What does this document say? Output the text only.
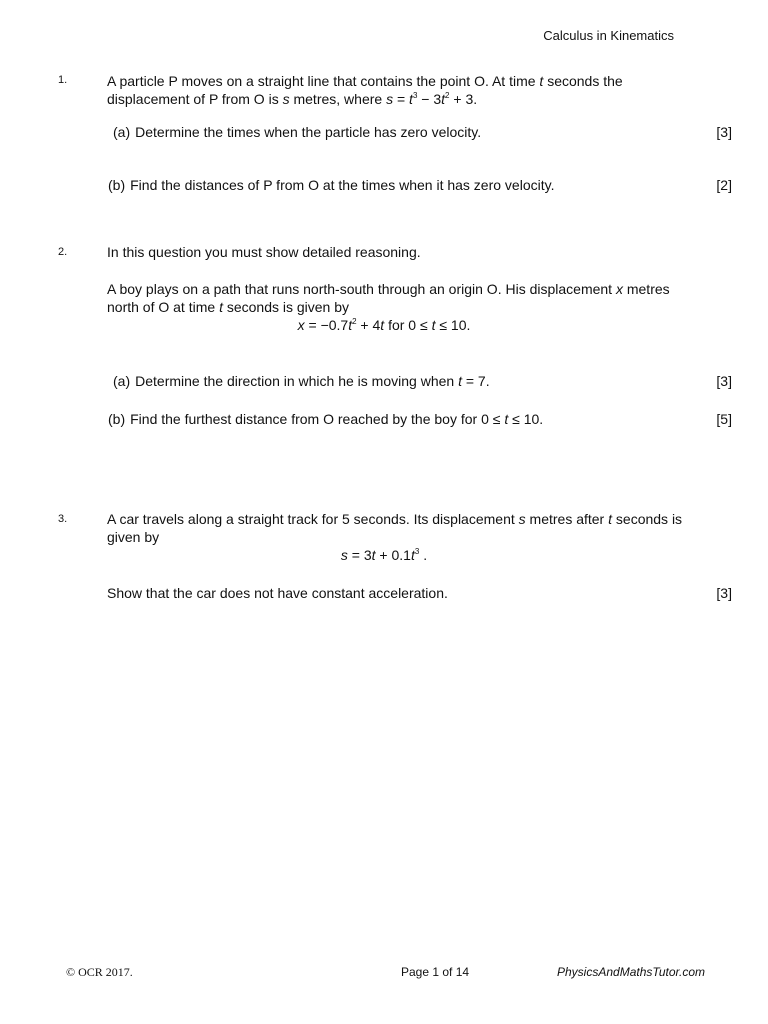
Calculus in Kinematics
1.	A particle P moves on a straight line that contains the point O. At time t seconds the
displacement of P from O is s metres, where $s = t^3 - 3t^2 + 3$.
(a) Determine the times when the particle has zero velocity.	[3]
(b) Find the distances of P from O at the times when it has zero velocity.	[2]
2.	In this question you must show detailed reasoning.
A boy plays on a path that runs north-south through an origin O. His displacement x metres
north of O at time t seconds is given by
$x = -0.7t^2 + 4t$ for 0 ≤ t ≤ 10.
(a) Determine the direction in which he is moving when t = 7.	[3]
(b) Find the furthest distance from O reached by the boy for 0 ≤ t ≤ 10.	[5]
3.	A car travels along a straight track for 5 seconds. Its displacement s metres after t seconds is
given by
$s = 3t + 0.1t^3$ .
Show that the car does not have constant acceleration.	[3]
© OCR 2017.	Page 1 of 14	PhysicsAndMathsTutor.com
